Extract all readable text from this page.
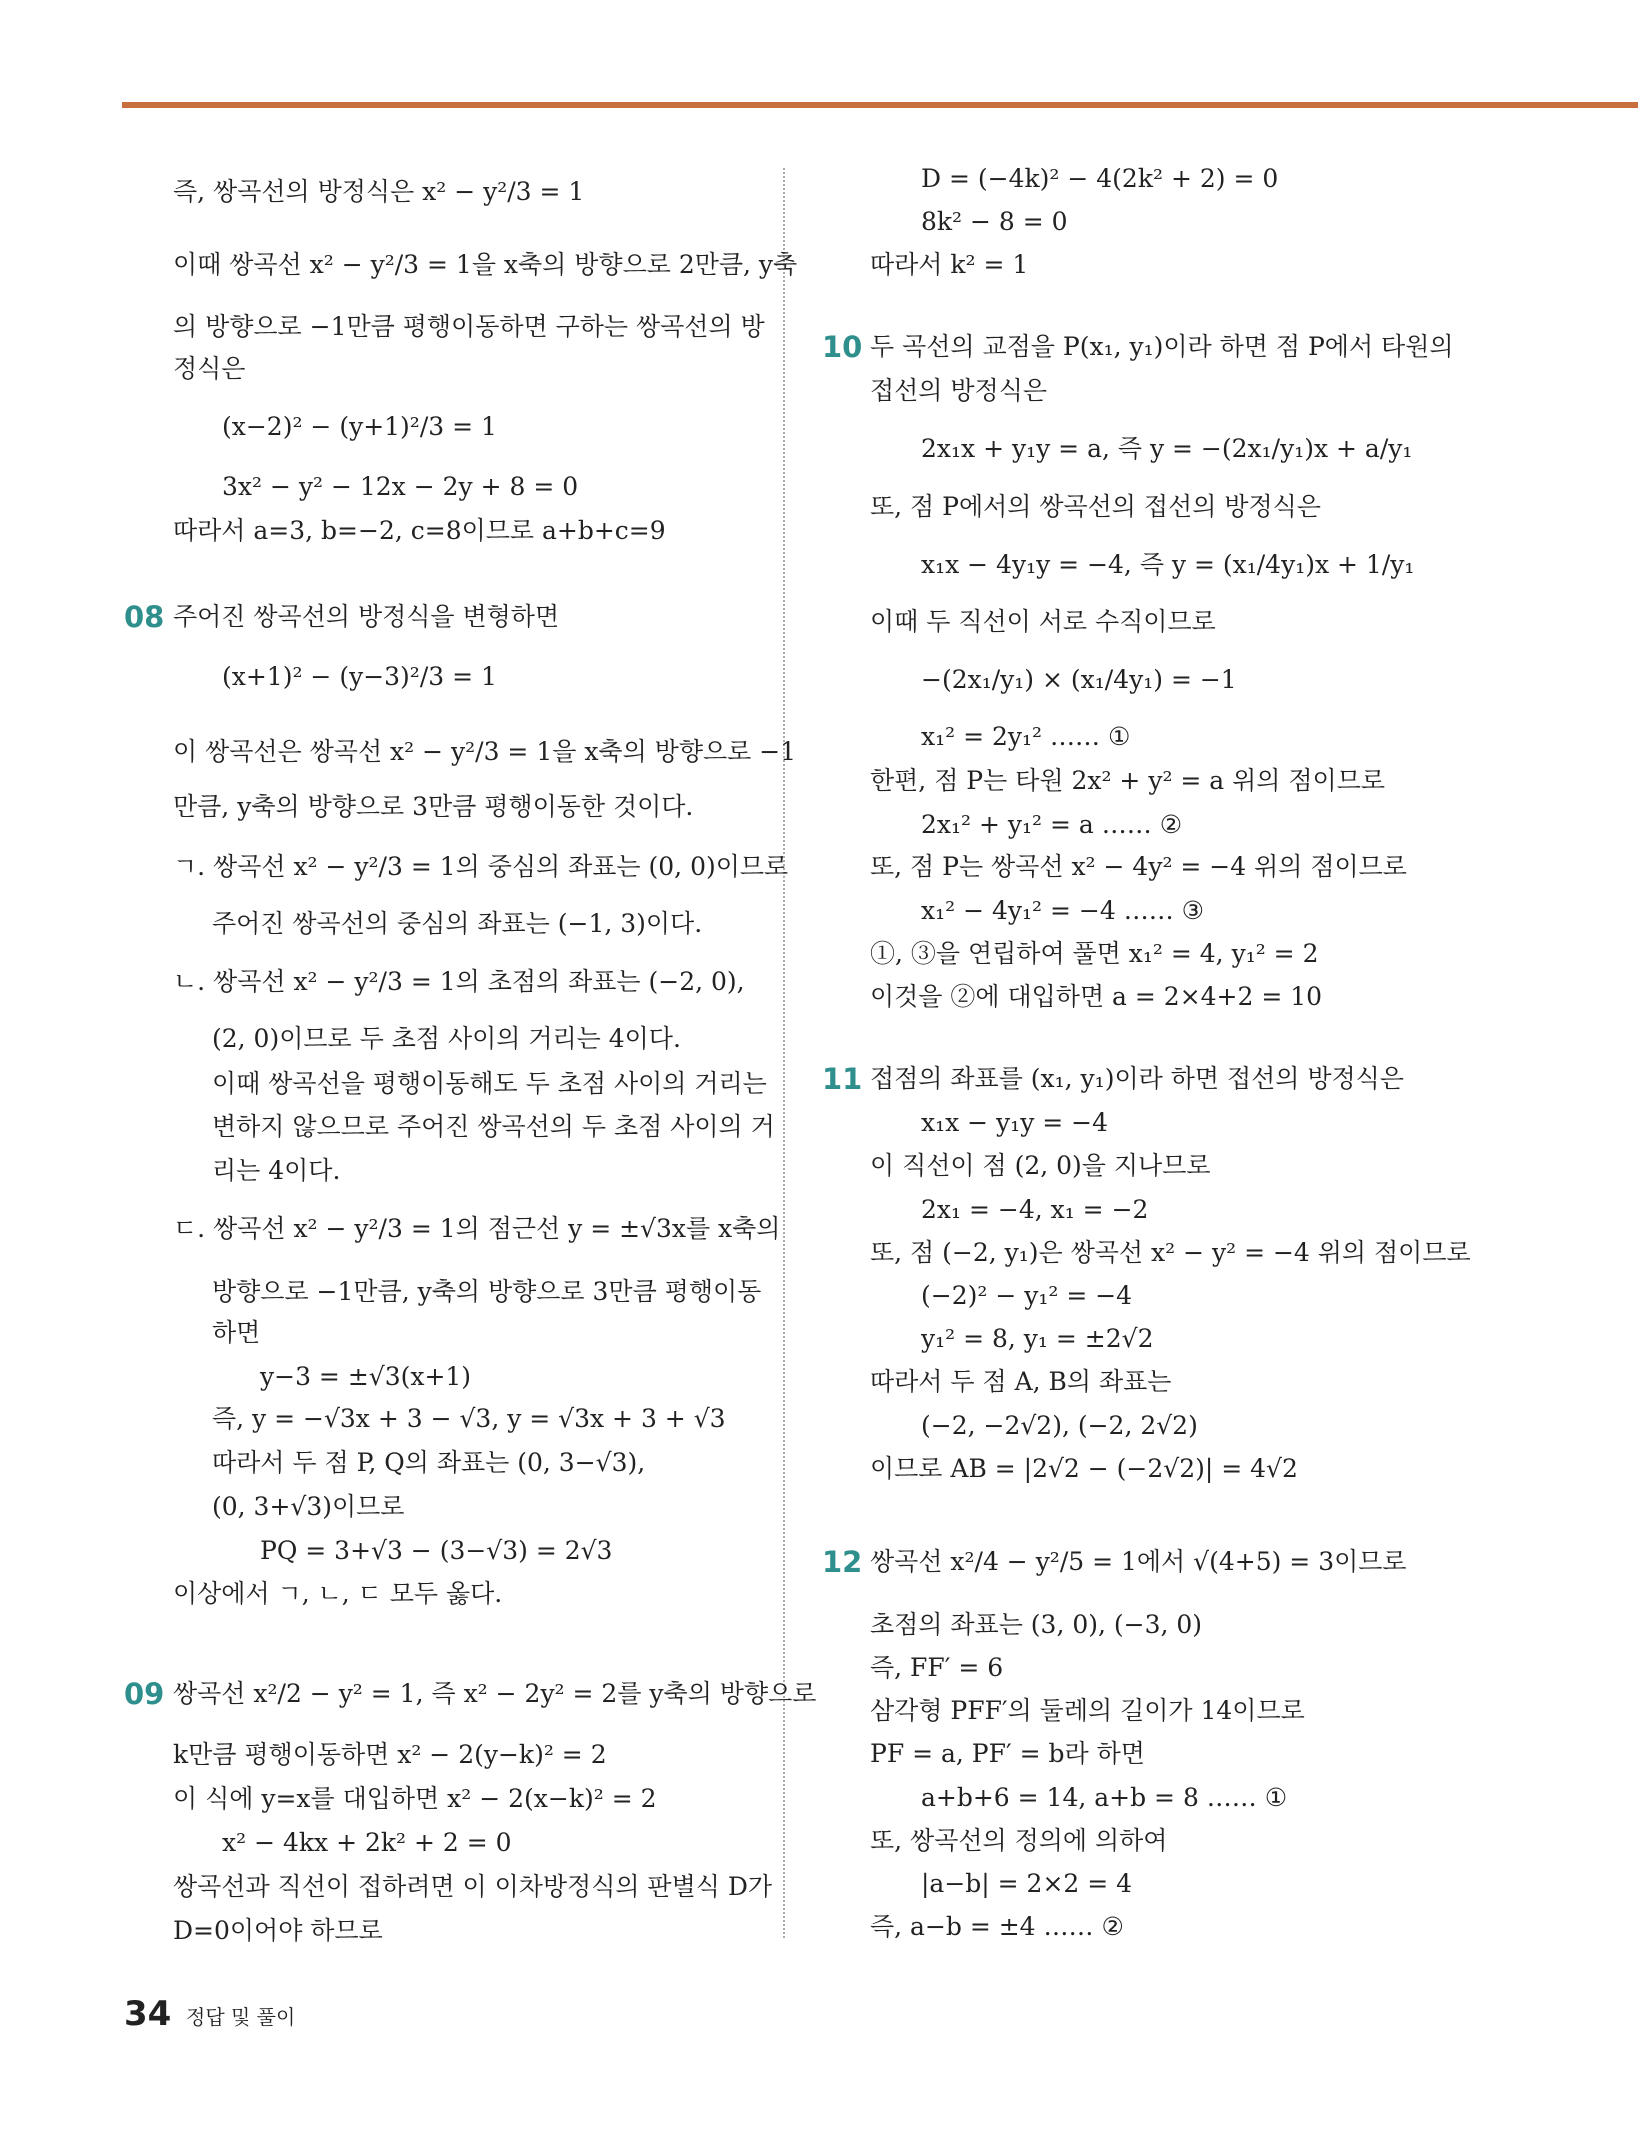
즉, 쌍곡선의 방정식은 x² − y²/3 = 1
이때 쌍곡선 x² − y²/3 = 1을 x축의 방향으로 2만큼, y축
의 방향으로 −1만큼 평행이동하면 구하는 쌍곡선의 방
정식은
(x−2)² − (y+1)²/3 = 1
3x² − y² − 12x − 2y + 8 = 0
따라서 a=3, b=−2, c=8이므로 a+b+c=9
08 주어진 쌍곡선의 방정식을 변형하면
(x+1)² − (y−3)²/3 = 1
이 쌍곡선은 쌍곡선 x² − y²/3 = 1을 x축의 방향으로 −1
만큼, y축의 방향으로 3만큼 평행이동한 것이다.
ㄱ. 쌍곡선 x² − y²/3 = 1의 중심의 좌표는 (0, 0)이므로
주어진 쌍곡선의 중심의 좌표는 (−1, 3)이다.
ㄴ. 쌍곡선 x² − y²/3 = 1의 초점의 좌표는 (−2, 0),
(2, 0)이므로 두 초점 사이의 거리는 4이다.
이때 쌍곡선을 평행이동해도 두 초점 사이의 거리는
변하지 않으므로 주어진 쌍곡선의 두 초점 사이의 거
리는 4이다.
ㄷ. 쌍곡선 x² − y²/3 = 1의 점근선 y = ±√3x를 x축의
방향으로 −1만큼, y축의 방향으로 3만큼 평행이동
하면
y−3 = ±√3(x+1)
즉, y = −√3x + 3 − √3, y = √3x + 3 + √3
따라서 두 점 P, Q의 좌표는 (0, 3−√3),
(0, 3+√3)이므로
PQ = 3+√3 − (3−√3) = 2√3
이상에서 ㄱ, ㄴ, ㄷ 모두 옳다.
09 쌍곡선 x²/2 − y² = 1, 즉 x² − 2y² = 2를 y축의 방향으로
k만큼 평행이동하면 x² − 2(y−k)² = 2
이 식에 y=x를 대입하면 x² − 2(x−k)² = 2
x² − 4kx + 2k² + 2 = 0
쌍곡선과 직선이 접하려면 이 이차방정식의 판별식 D가
D=0이어야 하므로
D = (−4k)² − 4(2k² + 2) = 0
8k² − 8 = 0
따라서 k² = 1
10 두 곡선의 교점을 P(x₁, y₁)이라 하면 점 P에서 타원의
접선의 방정식은
2x₁x + y₁y = a, 즉 y = −(2x₁/y₁)x + a/y₁
또, 점 P에서의 쌍곡선의 접선의 방정식은
x₁x − 4y₁y = −4, 즉 y = (x₁/4y₁)x + 1/y₁
이때 두 직선이 서로 수직이므로
−(2x₁/y₁) × (x₁/4y₁) = −1
x₁² = 2y₁² …… ①
한편, 점 P는 타원 2x² + y² = a 위의 점이므로
2x₁² + y₁² = a …… ②
또, 점 P는 쌍곡선 x² − 4y² = −4 위의 점이므로
x₁² − 4y₁² = −4 …… ③
①, ③을 연립하여 풀면 x₁² = 4, y₁² = 2
이것을 ②에 대입하면 a = 2×4+2 = 10
11 접점의 좌표를 (x₁, y₁)이라 하면 접선의 방정식은
x₁x − y₁y = −4
이 직선이 점 (2, 0)을 지나므로
2x₁ = −4, x₁ = −2
또, 점 (−2, y₁)은 쌍곡선 x² − y² = −4 위의 점이므로
(−2)² − y₁² = −4
y₁² = 8, y₁ = ±2√2
따라서 두 점 A, B의 좌표는
(−2, −2√2), (−2, 2√2)
이므로 AB = |2√2 − (−2√2)| = 4√2
12 쌍곡선 x²/4 − y²/5 = 1에서 √(4+5) = 3이므로
초점의 좌표는 (3, 0), (−3, 0)
즉, FF′ = 6
삼각형 PFF′의 둘레의 길이가 14이므로
PF = a, PF′ = b라 하면
a+b+6 = 14, a+b = 8 …… ①
또, 쌍곡선의 정의에 의하여
|a−b| = 2×2 = 4
즉, a−b = ±4 …… ②
34 정답 및 풀이
